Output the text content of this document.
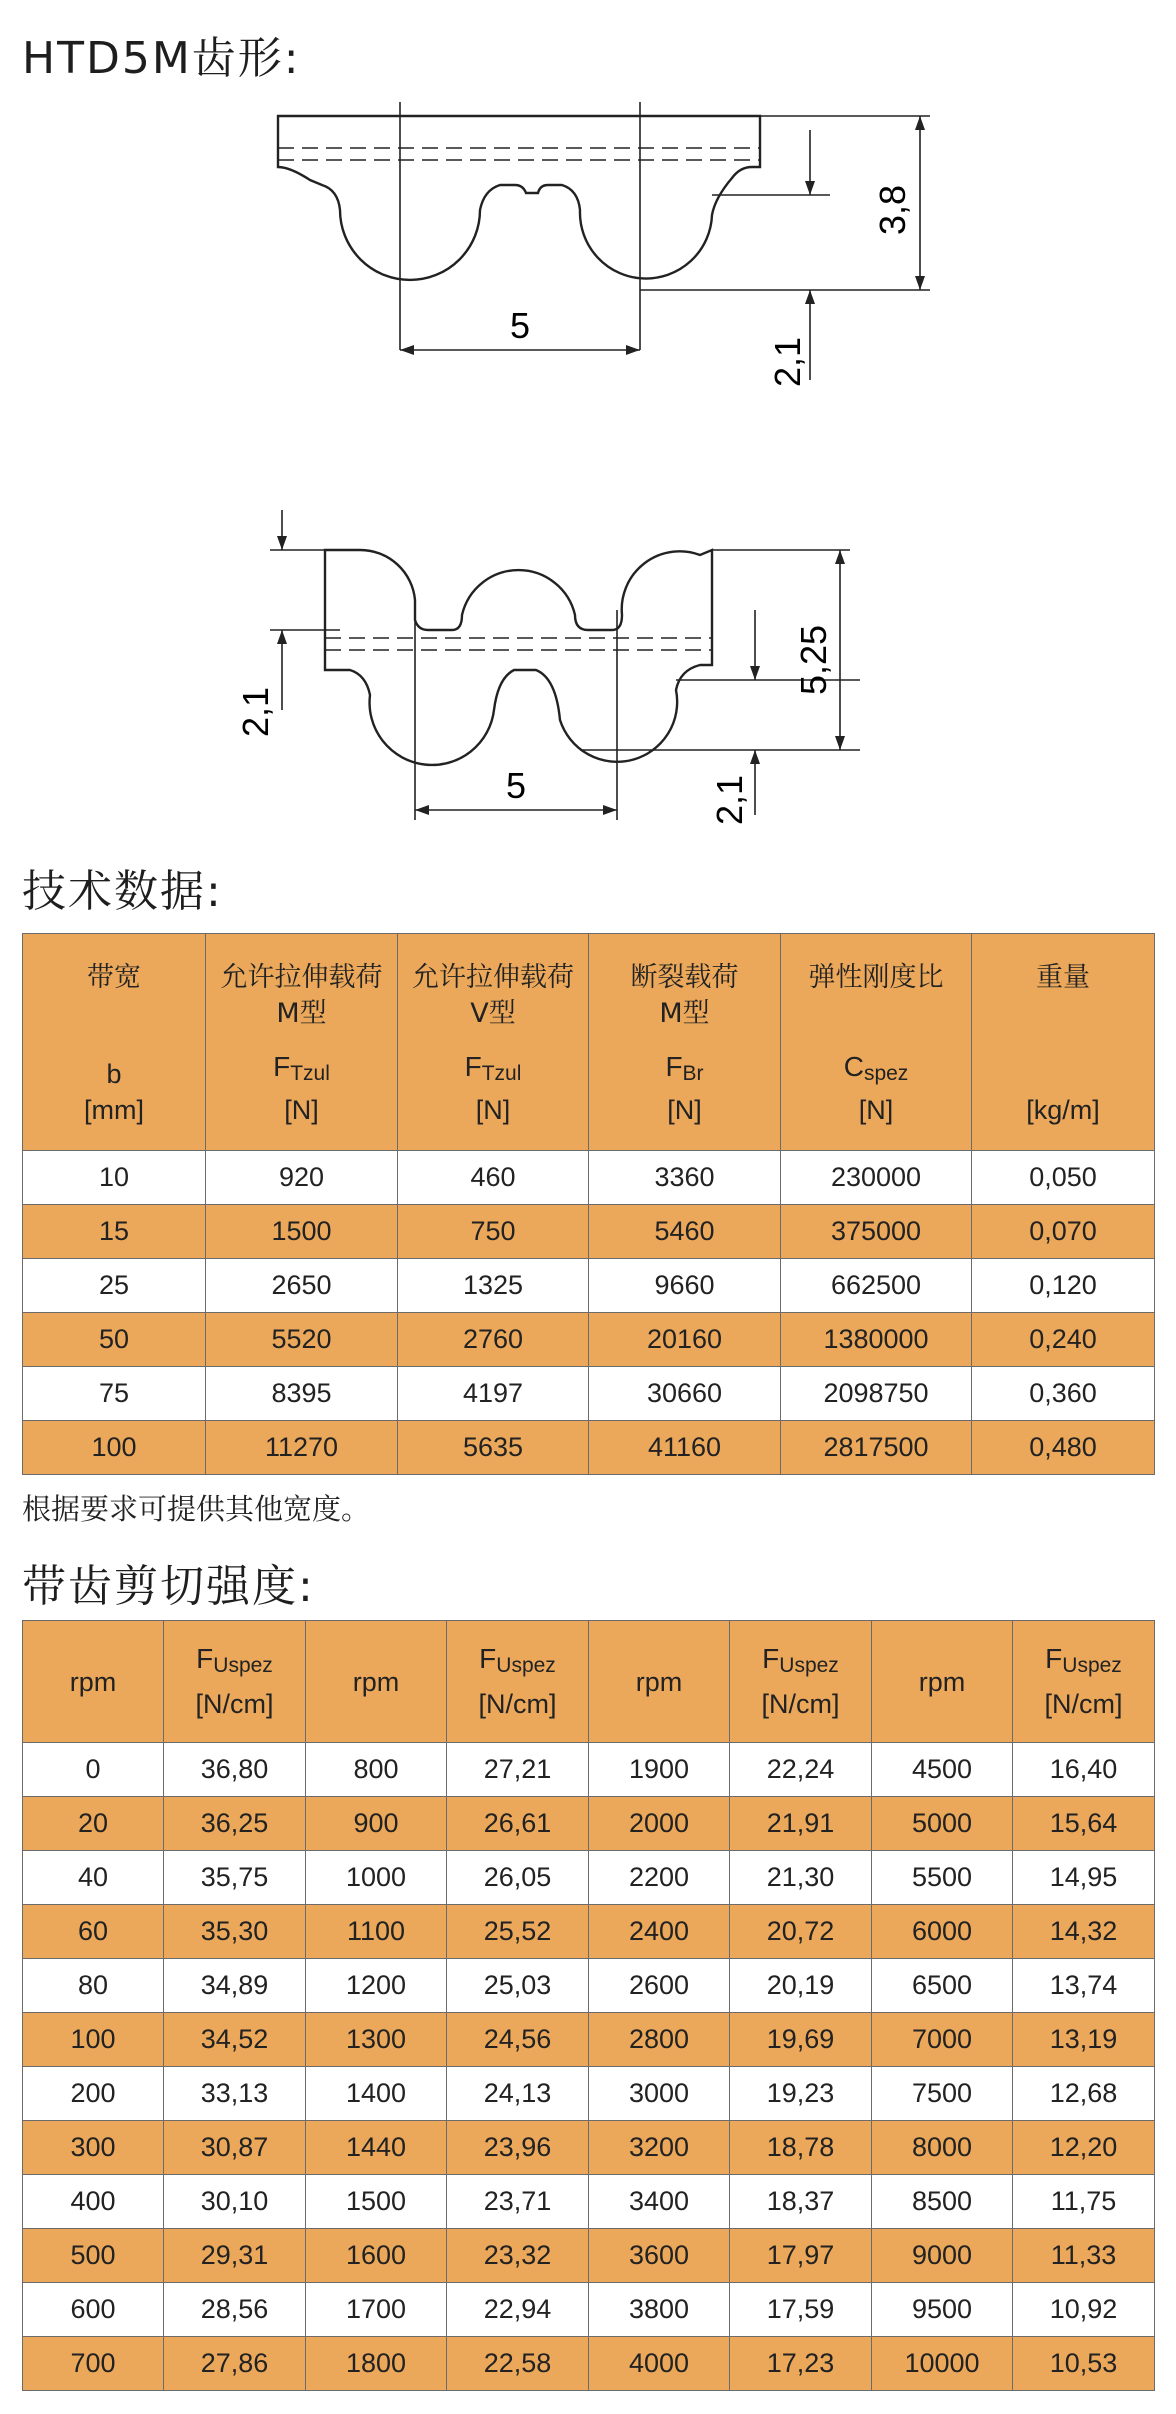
HTD5M齿形:
5
3,8
2,1
5
2,1
5,25
2,1
技术数据:
带宽
b
[mm]	允许拉伸载荷
M型
FTzul
[N]	允许拉伸载荷
V型
FTzul
[N]	断裂载荷
M型
FBr
[N]	弹性刚度比
Cspez
[N]	重量
[kg/m]

10	920	460	3360	230000	0,050
15	1500	750	5460	375000	0,070
25	2650	1325	9660	662500	0,120
50	5520	2760	20160	1380000	0,240
75	8395	4197	30660	2098750	0,360
100	11270	5635	41160	2817500	0,480
根据要求可提供其他宽度。
带齿剪切强度:
rpm	FUspez
[N/cm]	rpm	FUspez
[N/cm]	rpm	FUspez
[N/cm]	rpm	FUspez
[N/cm]
0	36,80	800	27,21	1900	22,24	4500	16,40
20	36,25	900	26,61	2000	21,91	5000	15,64
40	35,75	1000	26,05	2200	21,30	5500	14,95
60	35,30	1100	25,52	2400	20,72	6000	14,32
80	34,89	1200	25,03	2600	20,19	6500	13,74
100	34,52	1300	24,56	2800	19,69	7000	13,19
200	33,13	1400	24,13	3000	19,23	7500	12,68
300	30,87	1440	23,96	3200	18,78	8000	12,20
400	30,10	1500	23,71	3400	18,37	8500	11,75
500	29,31	1600	23,32	3600	17,97	9000	11,33
600	28,56	1700	22,94	3800	17,59	9500	10,92
700	27,86	1800	22,58	4000	17,23	10000	10,53
